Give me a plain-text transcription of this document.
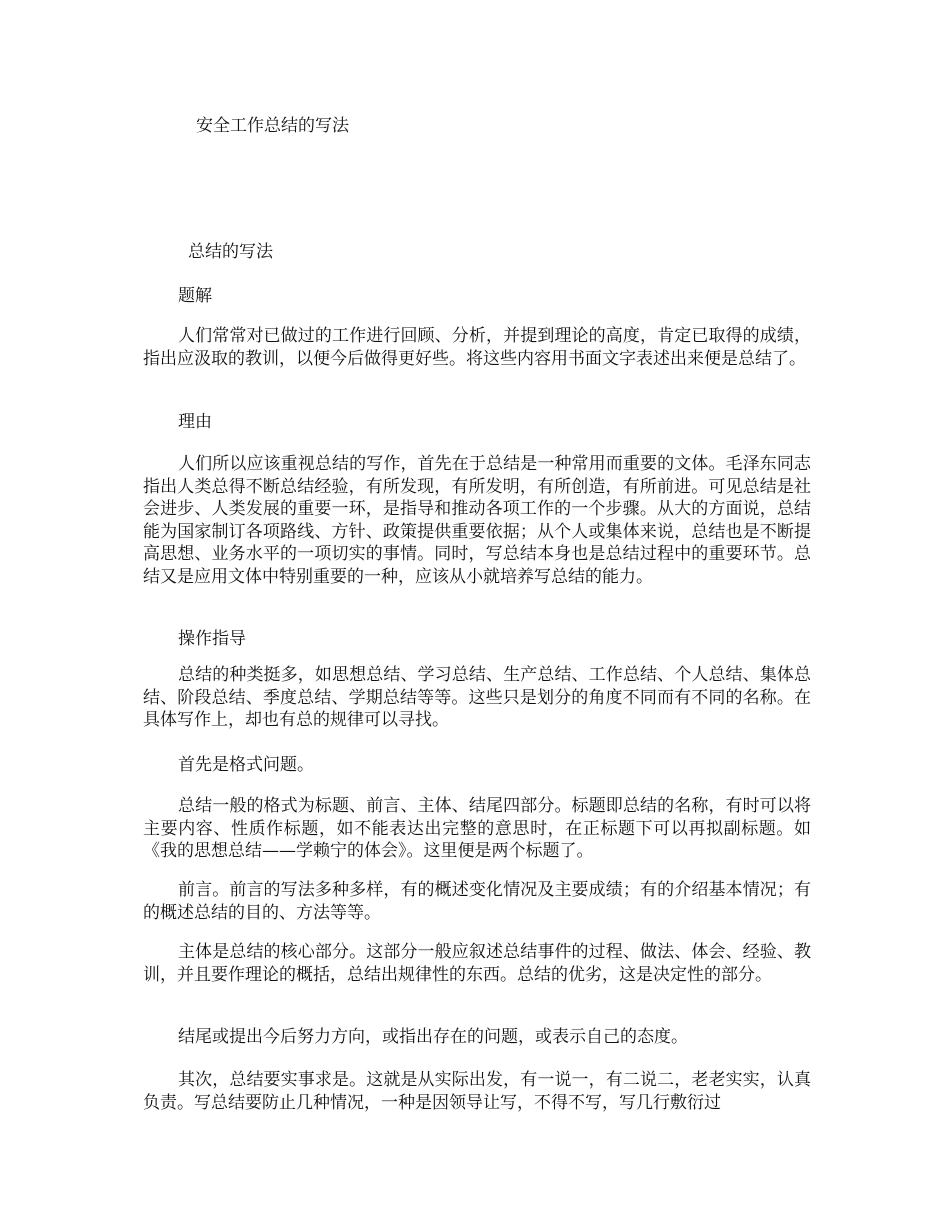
安全工作总结的写法
总结的写法
题解

人们常常对已做过的工作进行回顾、分析，并提到理论的高度，肯定已取得的成绩，指出应汲取的教训，以便今后做得更好些。将这些内容用书面文字表述出来便是总结了。

理由

人们所以应该重视总结的写作，首先在于总结是一种常用而重要的文体。毛泽东同志指出人类总得不断总结经验，有所发现，有所发明，有所创造，有所前进。可见总结是社会进步、人类发展的重要一环，是指导和推动各项工作的一个步骤。从大的方面说，总结能为国家制订各项路线、方针、政策提供重要依据；从个人或集体来说，总结也是不断提高思想、业务水平的一项切实的事情。同时，写总结本身也是总结过程中的重要环节。总结又是应用文体中特别重要的一种，应该从小就培养写总结的能力。

操作指导

总结的种类挺多，如思想总结、学习总结、生产总结、工作总结、个人总结、集体总结、阶段总结、季度总结、学期总结等等。这些只是划分的角度不同而有不同的名称。在具体写作上，却也有总的规律可以寻找。

首先是格式问题。

总结一般的格式为标题、前言、主体、结尾四部分。标题即总结的名称，有时可以将主要内容、性质作标题，如不能表达出完整的意思时，在正标题下可以再拟副标题。如《我的思想总结——学赖宁的体会》。这里便是两个标题了。

前言。前言的写法多种多样，有的概述变化情况及主要成绩；有的介绍基本情况；有的概述总结的目的、方法等等。

主体是总结的核心部分。这部分一般应叙述总结事件的过程、做法、体会、经验、教训，并且要作理论的概括，总结出规律性的东西。总结的优劣，这是决定性的部分。

结尾或提出今后努力方向，或指出存在的问题，或表示自己的态度。

其次，总结要实事求是。这就是从实际出发，有一说一，有二说二，老老实实，认真负责。写总结要防止几种情况，一种是因领导让写，不得不写，写几行敷衍过
